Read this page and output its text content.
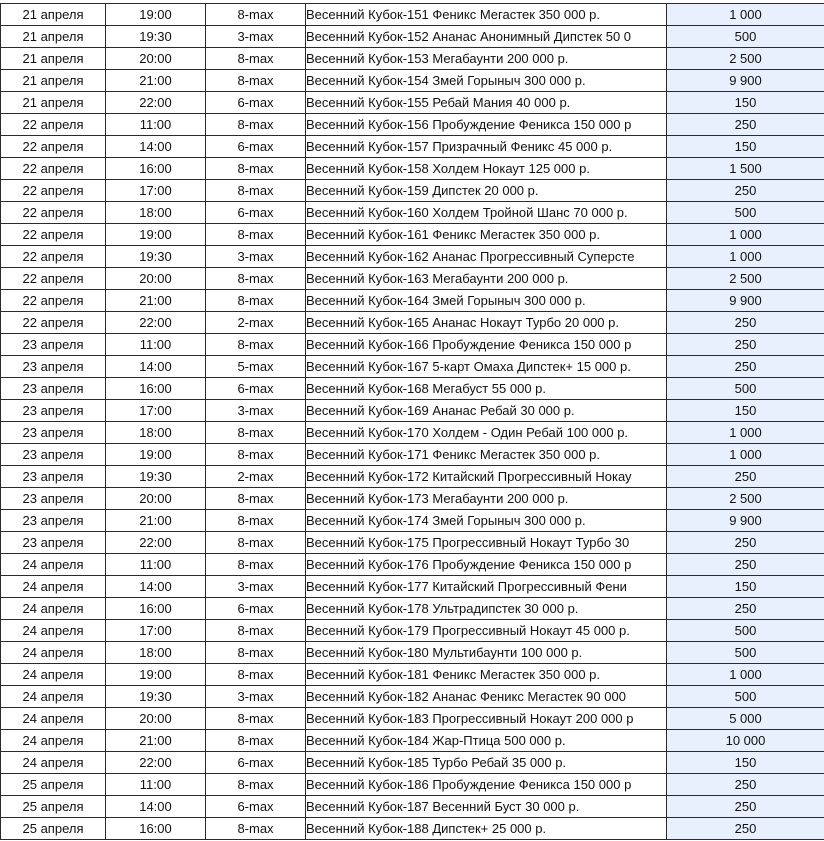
21 апреля	19:00	8-max	Весенний Кубок-151 Феникс Мегастек 350 000 р.	1 000
21 апреля	19:30	3-max	Весенний Кубок-152 Ананас Анонимный Дипстек 50 0	500
21 апреля	20:00	8-max	Весенний Кубок-153 Мегабаунти 200 000 р.	2 500
21 апреля	21:00	8-max	Весенний Кубок-154 Змей Горыныч 300 000 р.	9 900
21 апреля	22:00	6-max	Весенний Кубок-155 Ребай Мания 40 000 р.	150
22 апреля	11:00	8-max	Весенний Кубок-156 Пробуждение Феникса 150 000 р	250
22 апреля	14:00	6-max	Весенний Кубок-157 Призрачный Феникс 45 000 р.	150
22 апреля	16:00	8-max	Весенний Кубок-158 Холдем Нокаут 125 000 р.	1 500
22 апреля	17:00	8-max	Весенний Кубок-159 Дипстек 20 000 р.	250
22 апреля	18:00	6-max	Весенний Кубок-160 Холдем Тройной Шанс 70 000 р.	500
22 апреля	19:00	8-max	Весенний Кубок-161 Феникс Мегастек 350 000 р.	1 000
22 апреля	19:30	3-max	Весенний Кубок-162 Ананас Прогрессивный Суперсте	1 000
22 апреля	20:00	8-max	Весенний Кубок-163 Мегабаунти 200 000 р.	2 500
22 апреля	21:00	8-max	Весенний Кубок-164 Змей Горыныч 300 000 р.	9 900
22 апреля	22:00	2-max	Весенний Кубок-165 Ананас Нокаут Турбо 20 000 р.	250
23 апреля	11:00	8-max	Весенний Кубок-166 Пробуждение Феникса 150 000 р	250
23 апреля	14:00	5-max	Весенний Кубок-167 5-карт Омаха Дипстек+ 15 000 р.	250
23 апреля	16:00	6-max	Весенний Кубок-168 Мегабуст 55 000 р.	500
23 апреля	17:00	3-max	Весенний Кубок-169 Ананас Ребай 30 000 р.	150
23 апреля	18:00	8-max	Весенний Кубок-170 Холдем - Один Ребай 100 000 р.	1 000
23 апреля	19:00	8-max	Весенний Кубок-171 Феникс Мегастек 350 000 р.	1 000
23 апреля	19:30	2-max	Весенний Кубок-172 Китайский Прогрессивный Нокау	250
23 апреля	20:00	8-max	Весенний Кубок-173 Мегабаунти 200 000 р.	2 500
23 апреля	21:00	8-max	Весенний Кубок-174 Змей Горыныч 300 000 р.	9 900
23 апреля	22:00	8-max	Весенний Кубок-175 Прогрессивный Нокаут Турбо 30	250
24 апреля	11:00	8-max	Весенний Кубок-176 Пробуждение Феникса 150 000 р	250
24 апреля	14:00	3-max	Весенний Кубок-177 Китайский Прогрессивный Фени	150
24 апреля	16:00	6-max	Весенний Кубок-178 Ультрадипстек 30 000 р.	250
24 апреля	17:00	8-max	Весенний Кубок-179 Прогрессивный Нокаут 45 000 р.	500
24 апреля	18:00	8-max	Весенний Кубок-180 Мультибаунти 100 000 р.	500
24 апреля	19:00	8-max	Весенний Кубок-181 Феникс Мегастек 350 000 р.	1 000
24 апреля	19:30	3-max	Весенний Кубок-182 Ананас Феникс Мегастек 90 000	500
24 апреля	20:00	8-max	Весенний Кубок-183 Прогрессивный Нокаут 200 000 р	5 000
24 апреля	21:00	8-max	Весенний Кубок-184 Жар-Птица 500 000 р.	10 000
24 апреля	22:00	6-max	Весенний Кубок-185 Турбо Ребай 35 000 р.	150
25 апреля	11:00	8-max	Весенний Кубок-186 Пробуждение Феникса 150 000 р	250
25 апреля	14:00	6-max	Весенний Кубок-187 Весенний Буст 30 000 р.	250
25 апреля	16:00	8-max	Весенний Кубок-188 Дипстек+ 25 000 р.	250
